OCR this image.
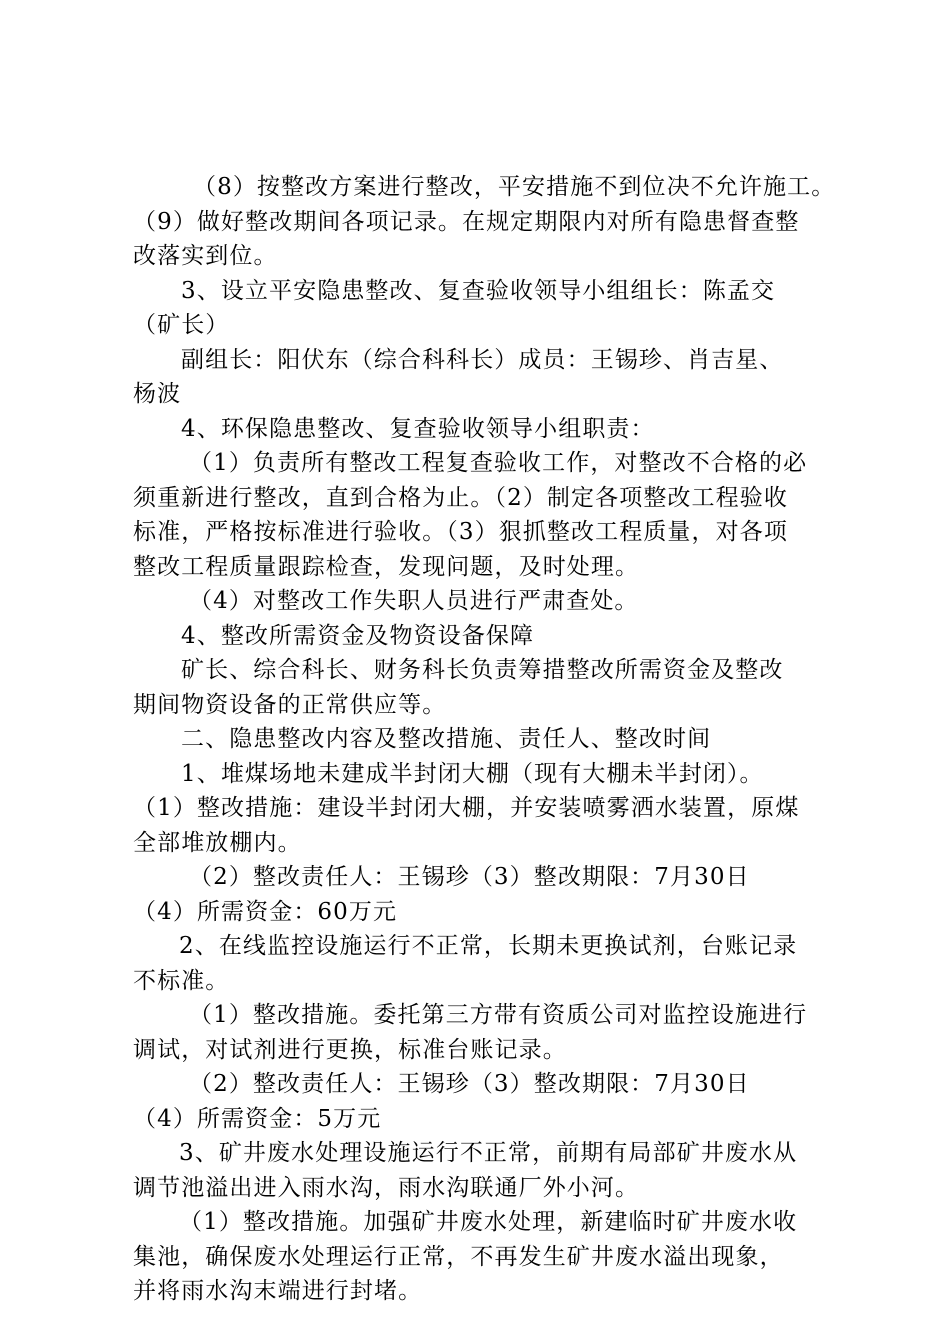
（8）按整改方案进行整改，平安措施不到位决不允许施工。
（9）做好整改期间各项记录。在规定期限内对所有隐患督查整
改落实到位。
3、设立平安隐患整改、复查验收领导小组组长：陈孟交
（矿长）
副组长：阳伏东（综合科科长）成员：王锡珍、肖吉星、
杨波
4、环保隐患整改、复查验收领导小组职责：
（1）负责所有整改工程复查验收工作，对整改不合格的必
须重新进行整改，直到合格为止。（2）制定各项整改工程验收
标准，严格按标准进行验收。（3）狠抓整改工程质量，对各项
整改工程质量跟踪检查，发现问题，及时处理。
（4）对整改工作失职人员进行严肃查处。
4、整改所需资金及物资设备保障
矿长、综合科长、财务科长负责筹措整改所需资金及整改
期间物资设备的正常供应等。
二、隐患整改内容及整改措施、责任人、整改时间
1、堆煤场地未建成半封闭大棚（现有大棚未半封闭）。
（1）整改措施：建设半封闭大棚，并安装喷雾洒水装置，原煤
全部堆放棚内。
（2）整改责任人：王锡珍（3）整改期限：7月30日
（4）所需资金：60万元
2、在线监控设施运行不正常，长期未更换试剂，台账记录
不标准。
（1）整改措施。委托第三方带有资质公司对监控设施进行
调试，对试剂进行更换，标准台账记录。
（2）整改责任人：王锡珍（3）整改期限：7月30日
（4）所需资金：5万元
3、矿井废水处理设施运行不正常，前期有局部矿井废水从
调节池溢出进入雨水沟，雨水沟联通厂外小河。
（1）整改措施。加强矿井废水处理，新建临时矿井废水收
集池，确保废水处理运行正常，不再发生矿井废水溢出现象，
并将雨水沟末端进行封堵。
